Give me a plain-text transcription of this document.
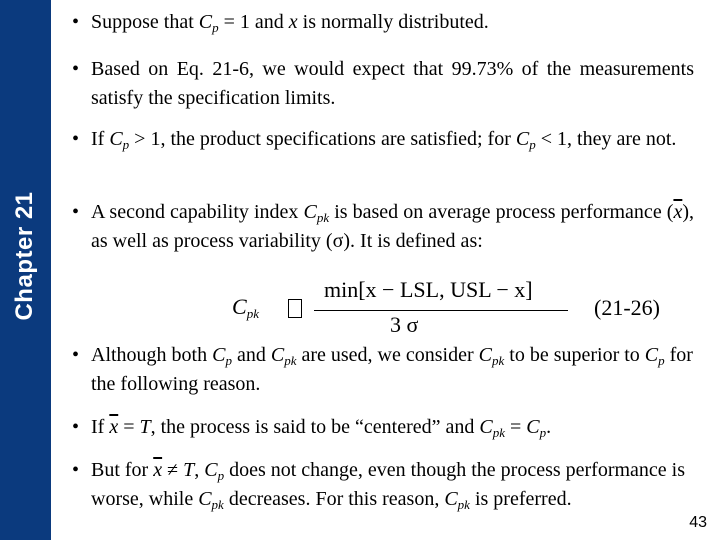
Chapter 21
• Suppose that $C_p = 1$ and x is normally distributed.
• Based on Eq. 21-6, we would expect that 99.73% of the measurements satisfy the specification limits.
• If $C_p > 1$, the product specifications are satisfied; for $C_p < 1$, they are not.
• A second capability index $C_{pk}$ is based on average process performance $(\overline{x})$, as well as process variability (σ). It is defined as:
$C_{pk}$
min[x − LSL, USL − x]
3 σ
(21-26)
• Although both $C_p$ and $C_{pk}$ are used, we consider $C_{pk}$ to be superior to $C_p$ for the following reason.
• If $\overline{x} = T$, the process is said to be “centered” and $C_{pk} = C_p$.
• But for $\overline{x} \ne T$, $C_p$ does not change, even though the process performance is worse, while $C_{pk}$ decreases. For this reason, $C_{pk}$ is preferred.
43
